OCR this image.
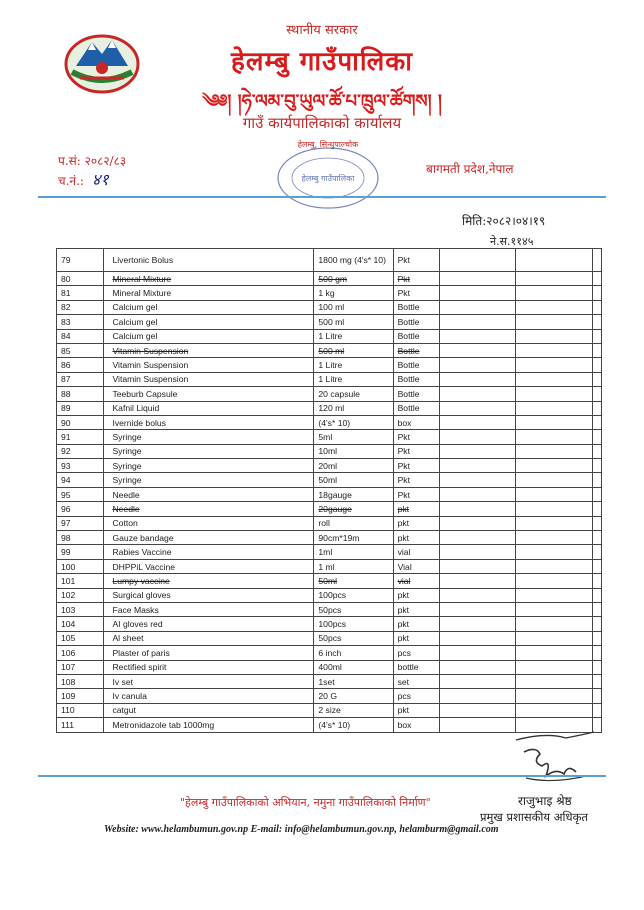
स्थानीय सरकार
हेलम्बु गाउँपालिका
༄༅། །ཧེ་ལམ་བུ་ཡུལ་ཚོ་པ་ཁྲུལ་ཚོགས། །
गाउँ कार्यपालिकाको कार्यालय
प.सं: २०८२/८३
च.नं.: ४१
बागमती प्रदेश,नेपाल
हेलम्बु, सिन्धुपाल्चोक
हेलम्बु गाउँपालिका
मिति:२०८२।०४।१९
ने.स.११४५
79	Livertonic Bolus	1800 mg (4's* 10)	Pkt			
80	Mineral Mixture	500 gm	Pkt			
81	Mineral Mixture	1 kg	Pkt			
82	Calcium gel	100 ml	Bottle			
83	Calcium gel	500 ml	Bottle			
84	Calcium gel	1 Litre	Bottle			
85	Vitamin Suspension	500 ml	Bottle			
86	Vitamin Suspension	1 Litre	Bottle			
87	Vitamin Suspension	1 Litre	Bottle			
88	Teeburb Capsule	20 capsule	Bottle			
89	Kafnil Liquid	120 ml	Bottle			
90	Ivernide bolus	(4's* 10)	box			
91	Syringe	5ml	Pkt			
92	Syringe	10ml	Pkt			
93	Syringe	20ml	Pkt			
94	Syringe	50ml	Pkt			
95	Needle	18gauge	Pkt			
96	Needle	20gauge	pkt			
97	Cotton	roll	pkt			
98	Gauze bandage	90cm*19m	pkt			
99	Rabies Vaccine	1ml	vial			
100	DHPPiL Vaccine	1 ml	Vial			
101	Lumpy vaccine	50ml	vial			
102	Surgical gloves	100pcs	pkt			
103	Face Masks	50pcs	pkt			
104	AI gloves red	100pcs	pkt			
105	Al sheet	50pcs	pkt			
106	Plaster of paris	6 inch	pcs			
107	Rectified spirit	400ml	bottle			
108	Iv set	1set	set			
109	Iv canula	20 G	pcs			
110	catgut	2 size	pkt			
111	Metronidazole tab 1000mg	(4's* 10)	box			
"हेलम्बु गाउँपालिकाको अभियान, नमुना गाउँपालिकाको निर्माण"	राजुभाइ श्रेष्ठ
प्रमुख प्रशासकीय अधिकृत
Website: www.helambumun.gov.np E-mail: info@helambumun.gov.np, helamburm@gmail.com
